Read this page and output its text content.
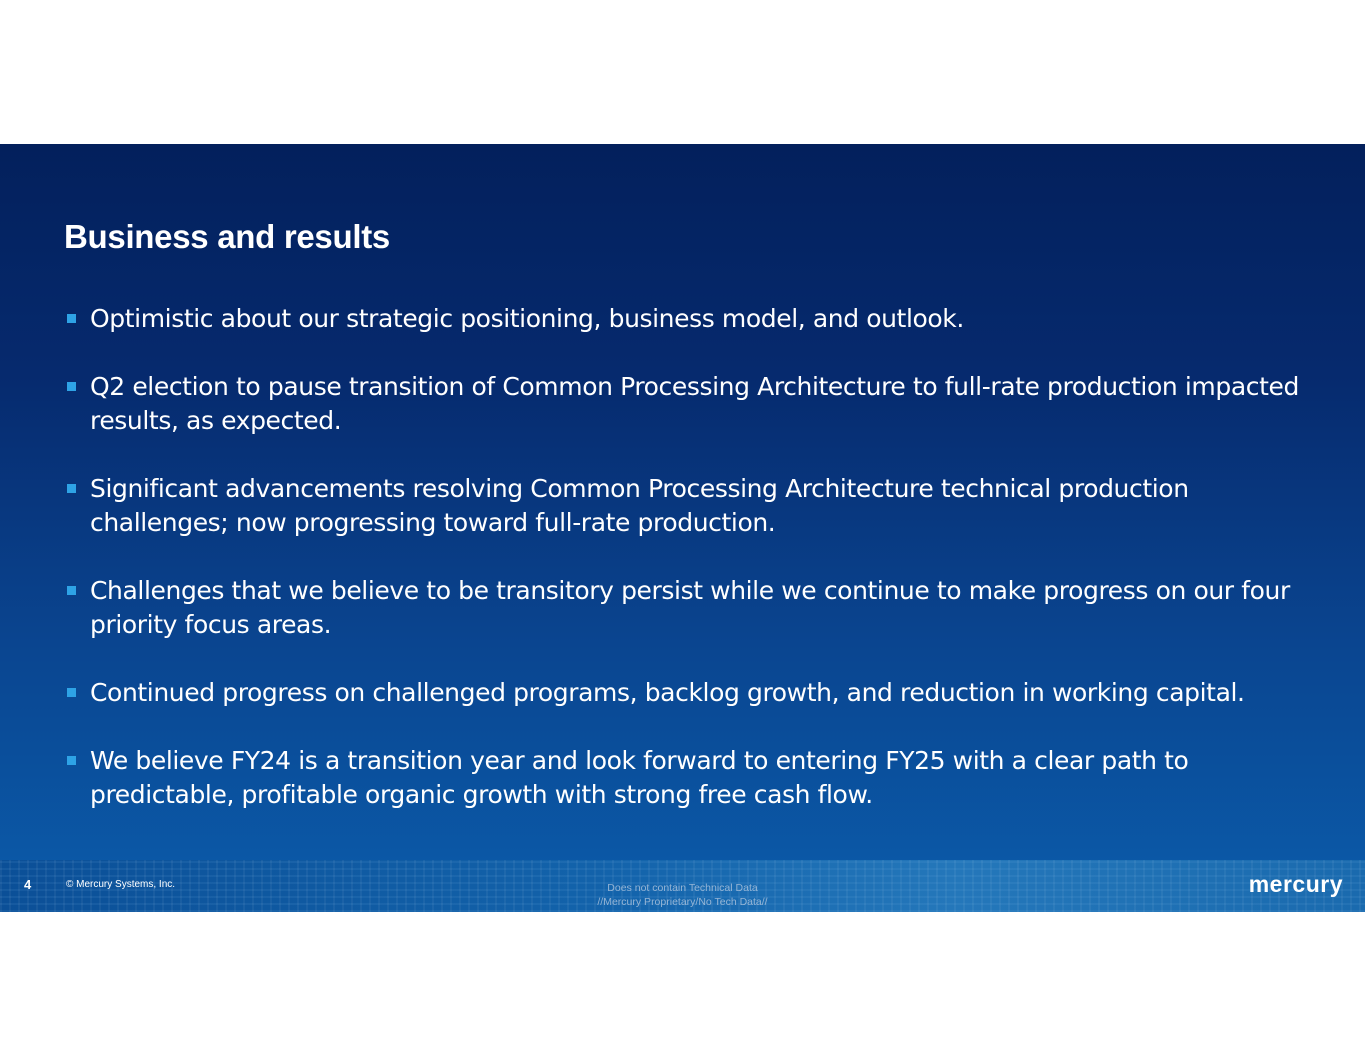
Business and results
Optimistic about our strategic positioning, business model, and outlook.
Q2 election to pause transition of Common Processing Architecture to full-rate production impacted results, as expected.
Significant advancements resolving Common Processing Architecture technical production challenges; now progressing toward full-rate production.
Challenges that we believe to be transitory persist while we continue to make progress on our four priority focus areas.
Continued progress on challenged programs, backlog growth, and reduction in working capital.
We believe FY24 is a transition year and look forward to entering FY25 with a clear path to predictable, profitable organic growth with strong free cash flow.
4	© Mercury Systems, Inc.	Does not contain Technical Data
//Mercury Proprietary/No Tech Data//
mercury
